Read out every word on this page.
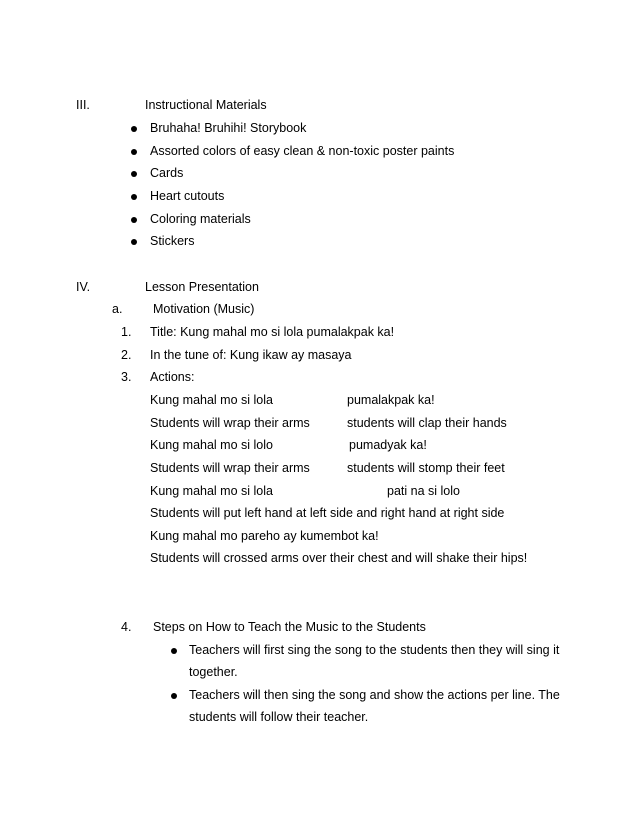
III.	Instructional Materials
Bruhaha! Bruhihi! Storybook
Assorted colors of easy clean & non-toxic poster paints
Cards
Heart cutouts
Coloring materials
Stickers
IV.	Lesson Presentation
a. Motivation (Music)
1. Title: Kung mahal mo si lola pumalakpak ka!
2. In the tune of: Kung ikaw ay masaya
3. Actions:
Kung mahal mo si lola	pumalakpak ka!
Students will wrap their arms	students will clap their hands
Kung mahal mo si lolo	pumadyak ka!
Students will wrap their arms	students will stomp their feet
Kung mahal mo si lola	pati na si lolo
Students will put left hand at left side and right hand at right side
Kung mahal mo pareho ay kumembot ka!
Students will crossed arms over their chest and will shake their hips!
4. Steps on How to Teach the Music to the Students
Teachers will first sing the song to the students then they will sing it
together.
Teachers will then sing the song and show the actions per line. The
students will follow their teacher.
